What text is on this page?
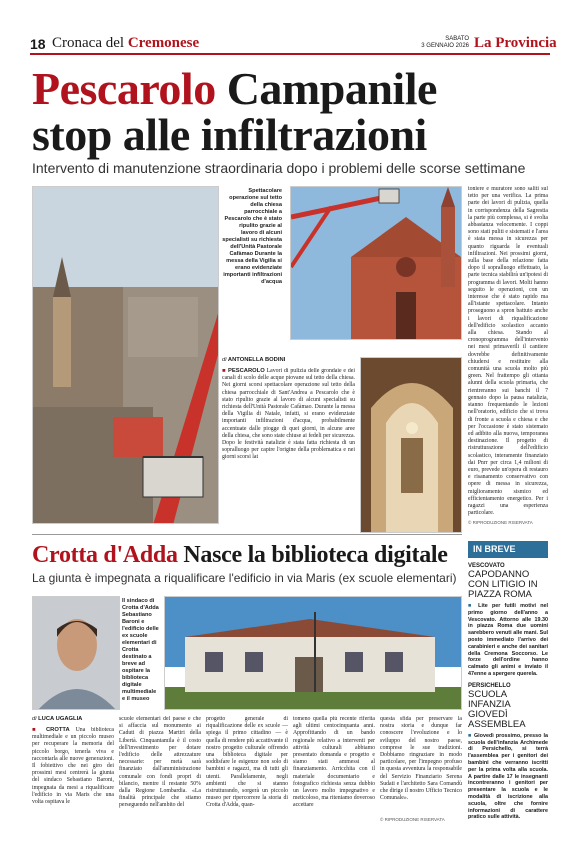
18 Cronaca del Cremonese	SABATO
3 GENNAIO 2026 La Provincia
Pescarolo Campanile
stop alle infiltrazioni
Intervento di manutenzione straordinaria dopo i problemi delle scorse settimane
Spettacolare operazione sul tetto della chiesa parrocchiale a Pescarolo che è stato ripulito grazie al lavoro di alcuni specialisti su richiesta dell'Unità Pastorale Cafàmao Durante la messa della Vigilia si erano evidenziate importanti infiltrazioni d'acqua
di ANTONELLA BODINI
■ PESCAROLO Lavori di pulizia delle grondaie e dei canali di scolo delle acque piovane sul tetto della chiesa. Nei giorni scorsi spettacolare operazione sul tetto della chiesa parrocchiale di Sant'Andrea a Pescarolo che è stato ripulito grazie al lavoro di alcuni specialisti su richiesta dell'Unità Pastorale Cafàmao. Durante la messa della Vigilia di Natale, infatti, si erano evidenziate importanti infiltrazioni d'acqua, probabilmente accentuate dalle piogge di quei giorni, in alcune aree della chiesa, che sono state chiuse ai fedeli per sicurezza. Dopo le festività natalizie è stata fatta richiesta di un sopralluogo per capire l'origine della problematica e nei giorni scorsi lat
toniere e muratore sono saliti sul tetto per una verifica. La prima parte dei lavori di pulizia, quella in corrispondenza della Sagrestia la parte più complessa, si è svolta abbastanza velocemente. I coppi sono stati puliti e sistemati e l'area è stata messa in sicurezza per quanto riguarda le eventuali infiltrazioni. Nei prossimi giorni, sulla base della relazione fatta dopo il sopralluogo effettuato, la parte tecnica stabilirà un'ipotesi di programma di lavori. Molti hanno seguito le operazioni, con un interesse che è stato rapido ma all'istante spettacolare. Intanto proseguono a spron battuto anche i lavori di riqualificazione dell'edificio scolastico accanto alla chiesa. Stando al cronoprogramma dell'intervento nei mesi primaverili il cantiere dovrebbe definitivamente chiudersi e restituire alla comunità una scuola molto più green. Nel frattempo gli ottanta alunni della scuola primaria, che rientreranno sui banchi il 7 gennaio dopo la pausa natalizia, stanno frequentando le lezioni nell'oratorio, edificio che si trova di fronte a scuola e chiesa e che per l'occasione è stato sistemato ed adibito alla nuova, temporanea destinazione. Il progetto di ristrutturazione dell'edificio scolastico, interamente finanziato dai Pnrr per circa 1,4 milioni di euro, prevede un'opera di restauro e risanamento conservativo con opere di messa in sicurezza, miglioramento sismico ed efficientamento energetico. Per i ragazzi una esperienza particolare.
© RIPRODUZIONE RISERVATA
Crotta d'Adda Nasce la biblioteca digitale
La giunta è impegnata a riqualificare l'edificio in via Maris (ex scuole elementari)
Il sindaco di Crotta d'Adda Sebastiano Baroni e l'edificio delle ex scuole elementari di Crotta destinato a breve ad ospitare la biblioteca digitale multimediale e il museo
di LUCA UGAGLIA
■ CROTTA Una biblioteca multimediale e un piccolo museo per recuperare la memoria del piccolo borgo, tenerla viva e raccontarla alle nuove generazioni. Il fobiettivo che nei giro dei prossimi mesi centrerà la giunta del sindaco Sebastiano Baroni, impegnata da mesi a riqualificare l'edificio in via Maris che una volta ospitava le
scuole elementari del paese e che si affaccia sul monumento ai Caduti di piazza Martiri della Libertà. Cinquantamila è il costo dell'investimento per dotare l'edificio delle attrezzature necessarie: per metà sarà finanziato dall'amministrazione comunale con fondi propri di bilancio, mentre il restante 50% dalla Regione Lombardia. «La finalità principale che stiamo perseguendo nell'ambito del
progetto generale di riqualificazione delle ex scuole — spiega il primo cittadino — è quella di rendere più accattivante il nostro progetto culturale offrendo una biblioteca digitale per soddisfare le esigenze non solo di bambini e ragazzi, ma di tutti gli utenti. Parallelamente, negli ambienti che si stanno ristrutturando, sorgerà un piccolo museo per ripercorrere la storia di Crotta d'Adda, quan-
tomeno quella più recente riferita agli ultimi centocinquanta anni. Approfittando di un bando regionale relativo a interventi per attività culturali abbiamo presentato domanda e progetto e siamo stati ammessi al finanziamento. Arricchita con il materiale documentario e fotografico richiesta senza dubbio un lavoro molto impegnativo e meticoloso, ma riteniamo doveroso accettare
questa sfida per preservare la nostra storia e dunque far conoscere l'evoluzione e lo sviluppo del nostro paese, comprese le sue tradizioni. Dobbiamo ringraziare in modo particolare, per l'impegno profuso in questa avventura la responsabile del Servizio Finanziario Serena Sudati e l'architetto Sara Comandù che dirige il nostro Ufficio Tecnico Comunale».
© RIPRODUZIONE RISERVATA
IN BREVE
VESCOVATO
CAPODANNO CON LITIGIO IN PIAZZA ROMA
■ Lite per futili motivi nel primo giorno dell'anno a Vescovato. Attorno alle 19.30 in piazza Roma due uomini sarebbero venuti alle mani. Sul posto immediato l'arrivo dei carabinieri e anche dei sanitari della Cremona Soccorso. Le forze dell'ordine hanno calmato gli animi e inviato il 47enne a spergere querela.
PERSICHELLO
SCUOLA INFANZIA GIOVEDÌ ASSEMBLEA
■ Giovedì prossimo, presso la scuola dell'infanzia Archimede di Persichello, si terrà l'assemblea per i genitori dei bambini che verranno iscritti per la prima volta alla scuola. A partire dalle 17 le insegnanti incontreranno i genitori per presentare la scuola e le modalità di iscrizione alla scuola, oltre che fornire informazioni di carattere pratico sulle attività.
